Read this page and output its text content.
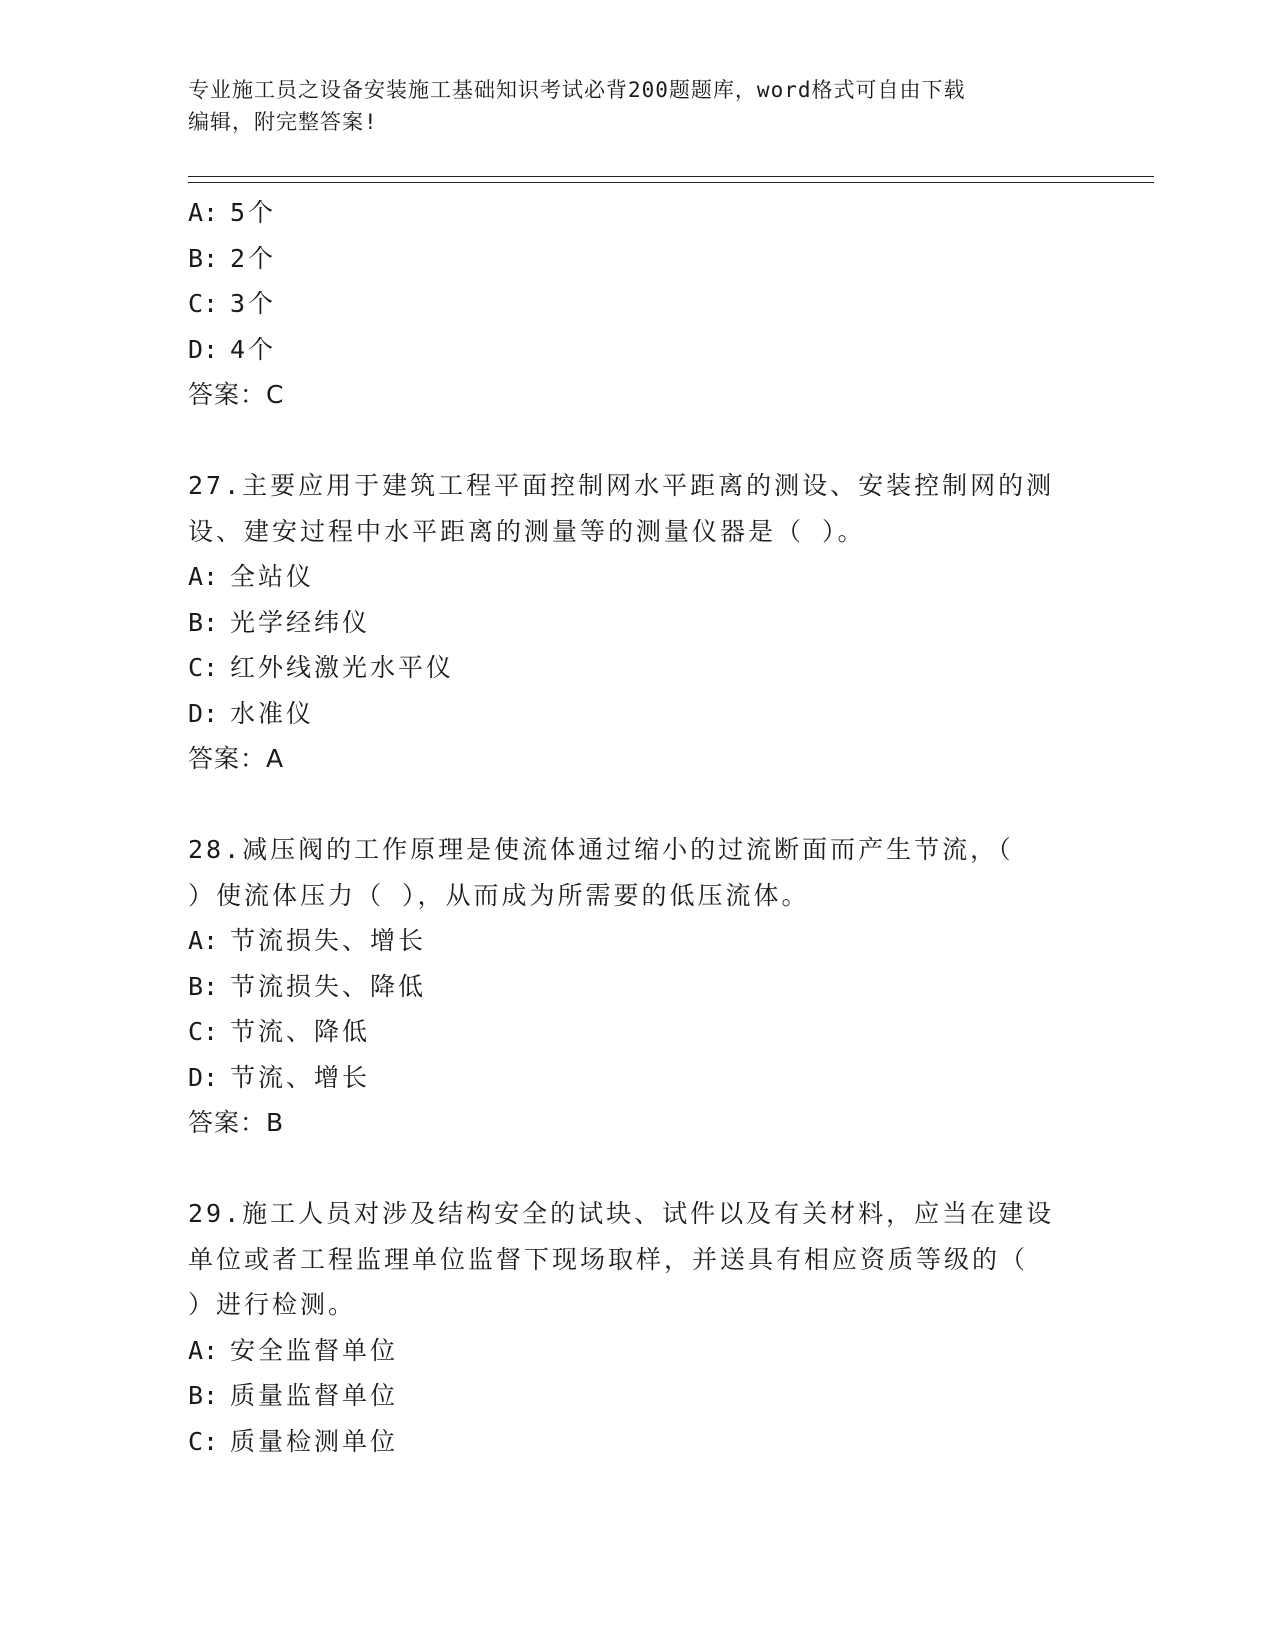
专业施工员之设备安装施工基础知识考试必背200题题库，word格式可自由下载
编辑，附完整答案!
A: 5个
B: 2个
C: 3个
D: 4个
答案：C
27.主要应用于建筑工程平面控制网水平距离的测设、安装控制网的测
设、建安过程中水平距离的测量等的测量仪器是（ ）。
A: 全站仪
B: 光学经纬仪
C: 红外线激光水平仪
D: 水准仪
答案：A
28.减压阀的工作原理是使流体通过缩小的过流断面而产生节流，（
）使流体压力（ ），从而成为所需要的低压流体。
A: 节流损失、增长
B: 节流损失、降低
C: 节流、降低
D: 节流、增长
答案：B
29.施工人员对涉及结构安全的试块、试件以及有关材料，应当在建设
单位或者工程监理单位监督下现场取样，并送具有相应资质等级的（
）进行检测。
A: 安全监督单位
B: 质量监督单位
C: 质量检测单位
